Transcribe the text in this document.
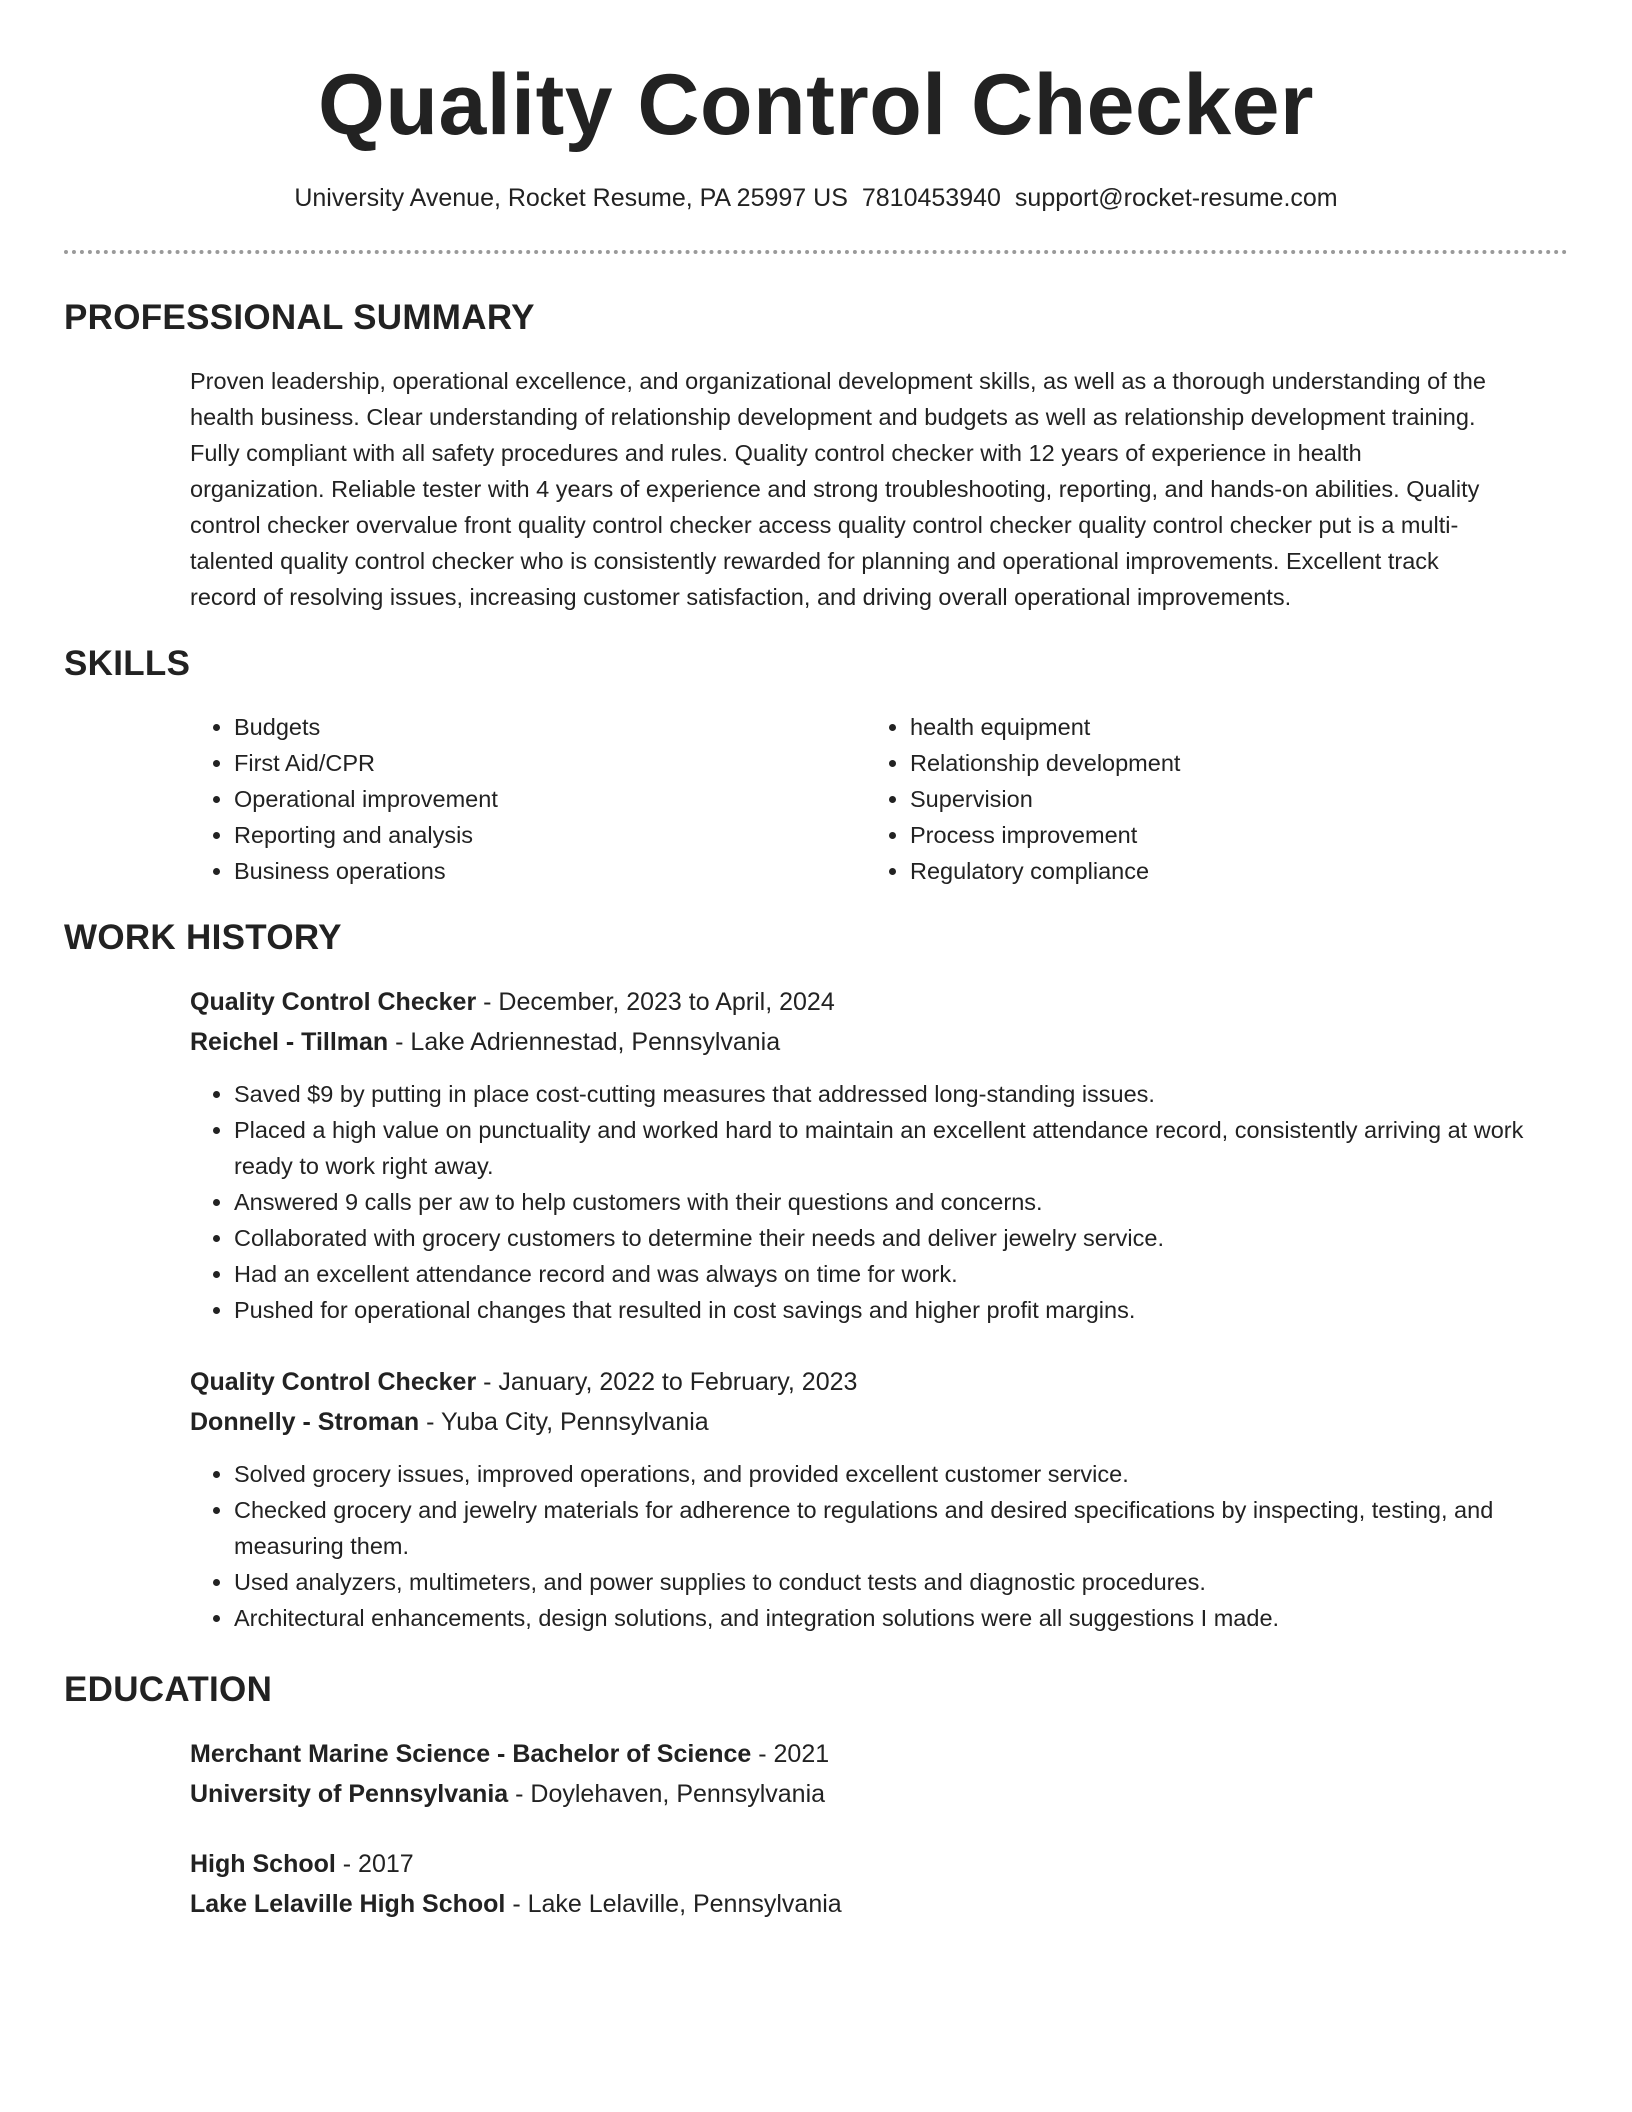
Quality Control Checker
University Avenue, Rocket Resume, PA 25997 US 7810453940 support@rocket-resume.com
PROFESSIONAL SUMMARY
Proven leadership, operational excellence, and organizational development skills, as well as a thorough understanding of the
health business. Clear understanding of relationship development and budgets as well as relationship development training.
Fully compliant with all safety procedures and rules. Quality control checker with 12 years of experience in health
organization. Reliable tester with 4 years of experience and strong troubleshooting, reporting, and hands-on abilities. Quality
control checker overvalue front quality control checker access quality control checker quality control checker put is a multi-
talented quality control checker who is consistently rewarded for planning and operational improvements. Excellent track
record of resolving issues, increasing customer satisfaction, and driving overall operational improvements.
SKILLS
• Budgets
• First Aid/CPR
• Operational improvement
• Reporting and analysis
• Business operations
• health equipment
• Relationship development
• Supervision
• Process improvement
• Regulatory compliance
WORK HISTORY
Quality Control Checker - December, 2023 to April, 2024
Reichel - Tillman - Lake Adriennestad, Pennsylvania
• Saved $9 by putting in place cost-cutting measures that addressed long-standing issues.
• Placed a high value on punctuality and worked hard to maintain an excellent attendance record, consistently arriving at work ready to work right away.
• Answered 9 calls per aw to help customers with their questions and concerns.
• Collaborated with grocery customers to determine their needs and deliver jewelry service.
• Had an excellent attendance record and was always on time for work.
• Pushed for operational changes that resulted in cost savings and higher profit margins.
Quality Control Checker - January, 2022 to February, 2023
Donnelly - Stroman - Yuba City, Pennsylvania
• Solved grocery issues, improved operations, and provided excellent customer service.
• Checked grocery and jewelry materials for adherence to regulations and desired specifications by inspecting, testing, and measuring them.
• Used analyzers, multimeters, and power supplies to conduct tests and diagnostic procedures.
• Architectural enhancements, design solutions, and integration solutions were all suggestions I made.
EDUCATION
Merchant Marine Science - Bachelor of Science - 2021
University of Pennsylvania - Doylehaven, Pennsylvania
High School - 2017
Lake Lelaville High School - Lake Lelaville, Pennsylvania
